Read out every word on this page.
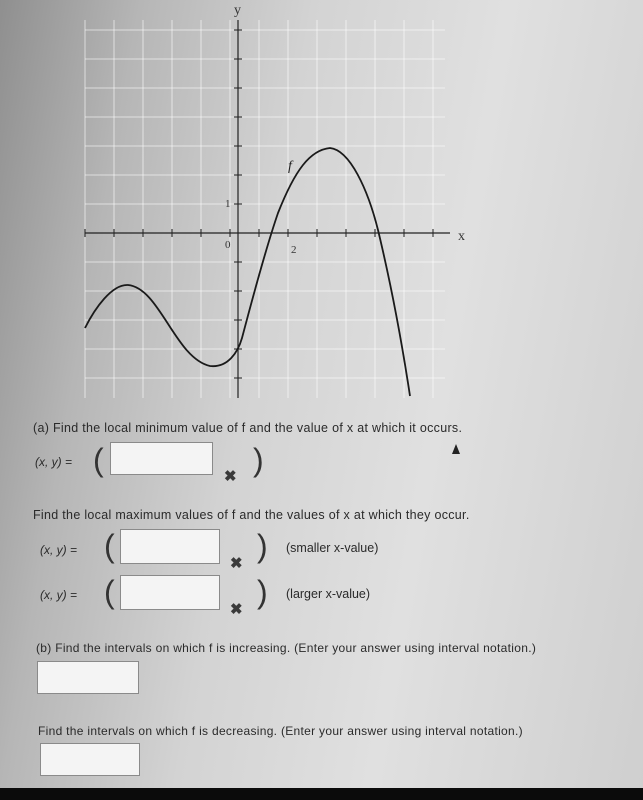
y
x
f
1
0	2
(a) Find the local minimum value of f and the value of x at which it occurs.
(x, y) = (	✖ )
Find the local maximum values of f and the values of x at which they occur.
(x, y) = (	✖ ) (smaller x-value)
(x, y) = (	✖ ) (larger x-value)
(b) Find the intervals on which f is increasing. (Enter your answer using interval notation.)
Find the intervals on which f is decreasing. (Enter your answer using interval notation.)
